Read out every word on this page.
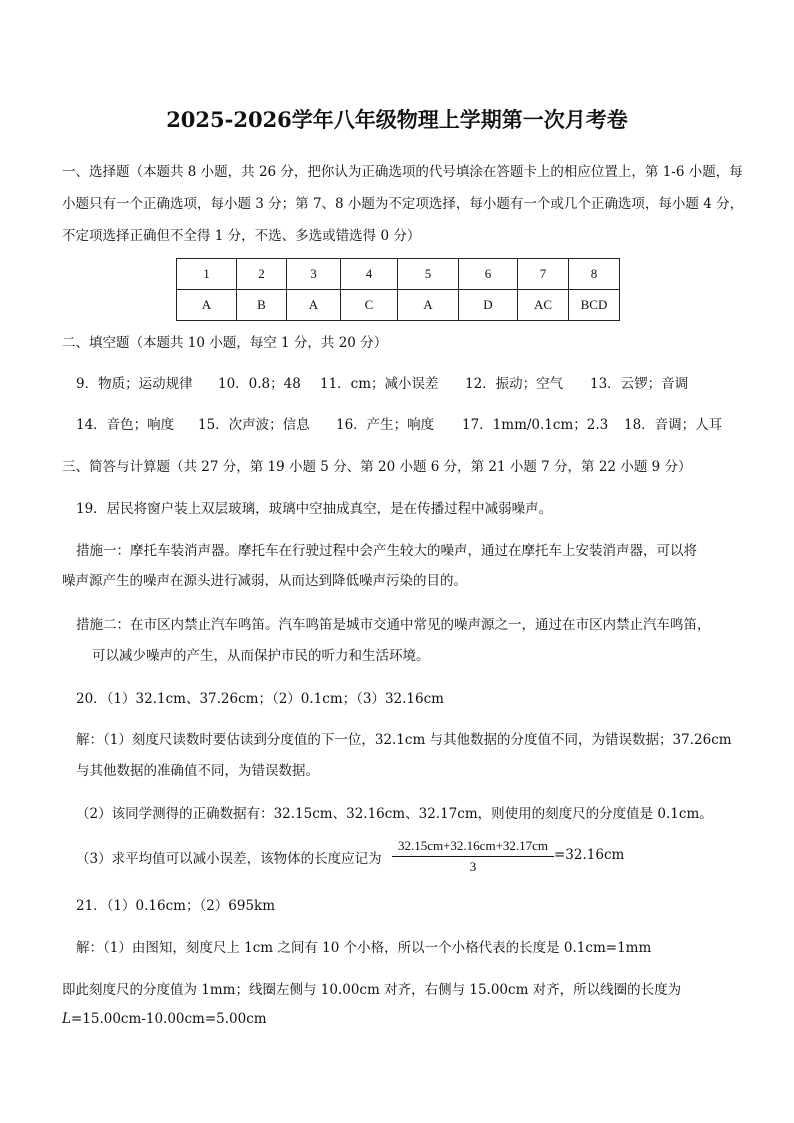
2025-2026学年八年级物理上学期第一次月考卷
一、选择题（本题共 8 小题，共 26 分，把你认为正确选项的代号填涂在答题卡上的相应位置上，第 1-6 小题，每
小题只有一个正确选项，每小题 3 分；第 7、8 小题为不定项选择，每小题有一个或几个正确选项，每小题 4 分，
不定项选择正确但不全得 1 分，不选、多选或错选得 0 分）
1	2	3	4	5	6	7	8
A	B	A	C	A	D	AC	BCD
二、填空题（本题共 10 小题，每空 1 分，共 20 分）
9．物质；运动规律 10．0.8；48 11．cm；减小误差 12．振动；空气 13．云锣；音调
14．音色；响度 15．次声波；信息 16．产生；响度 17．1mm/0.1cm；2.3 18．音调；人耳
三、简答与计算题（共 27 分，第 19 小题 5 分、第 20 小题 6 分，第 21 小题 7 分，第 22 小题 9 分）
19．居民将窗户装上双层玻璃，玻璃中空抽成真空，是在传播过程中减弱噪声。
措施一：摩托车装消声器。摩托车在行驶过程中会产生较大的噪声，通过在摩托车上安装消声器，可以将
噪声源产生的噪声在源头进行减弱，从而达到降低噪声污染的目的。
措施二：在市区内禁止汽车鸣笛。汽车鸣笛是城市交通中常见的噪声源之一，通过在市区内禁止汽车鸣笛，
可以减少噪声的产生，从而保护市民的听力和生活环境。
20．（1）32.1cm、37.26cm；（2）0.1cm；（3）32.16cm
解：（1）刻度尺读数时要估读到分度值的下一位，32.1cm 与其他数据的分度值不同，为错误数据；37.26cm
与其他数据的准确值不同，为错误数据。
（2）该同学测得的正确数据有：32.15cm、32.16cm、32.17cm，则使用的刻度尺的分度值是 0.1cm。
（3）求平均值可以减小误差，该物体的长度应记为 $\frac{32.15cm+32.16cm+32.17cm}{3} =32.16cm$
21．（1）0.16cm；（2）695km
解：（1）由图知，刻度尺上 1cm 之间有 10 个小格，所以一个小格代表的长度是 0.1cm=1mm
即此刻度尺的分度值为 1mm；线圈左侧与 10.00cm 对齐，右侧与 15.00cm 对齐，所以线圈的长度为
L=15.00cm-10.00cm=5.00cm
